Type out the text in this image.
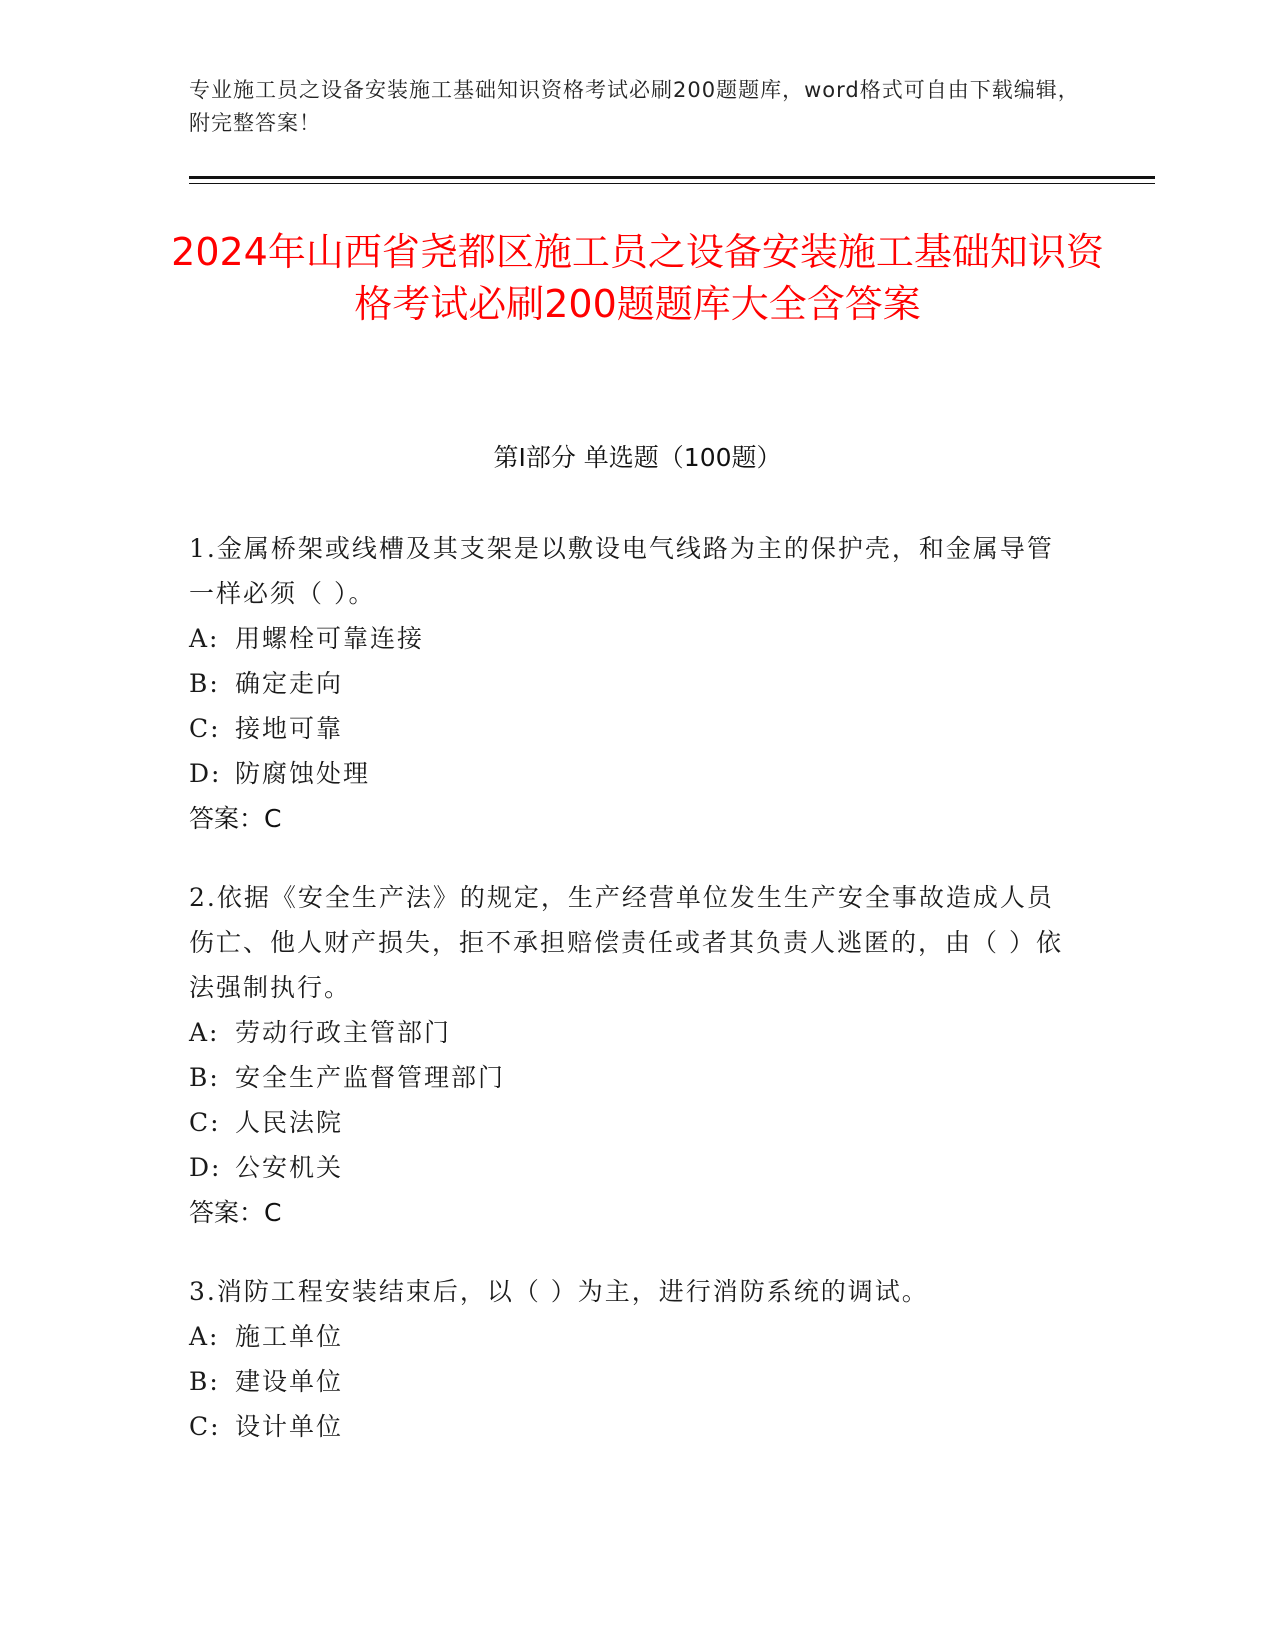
专业施工员之设备安装施工基础知识资格考试必刷200题题库，word格式可自由下载编辑，附完整答案！
2024年山西省尧都区施工员之设备安装施工基础知识资格考试必刷200题题库大全含答案
第I部分 单选题（100题）

1.金属桥架或线槽及其支架是以敷设电气线路为主的保护壳，和金属导管一样必须（ ）。

A: 用螺栓可靠连接

B: 确定走向

C: 接地可靠

D: 防腐蚀处理

答案：C

2.依据《安全生产法》的规定，生产经营单位发生生产安全事故造成人员伤亡、他人财产损失，拒不承担赔偿责任或者其负责人逃匿的，由（ ）依法强制执行。

A: 劳动行政主管部门

B: 安全生产监督管理部门

C: 人民法院

D: 公安机关

答案：C

3.消防工程安装结束后，以（ ）为主，进行消防系统的调试。

A: 施工单位

B: 建设单位

C: 设计单位
